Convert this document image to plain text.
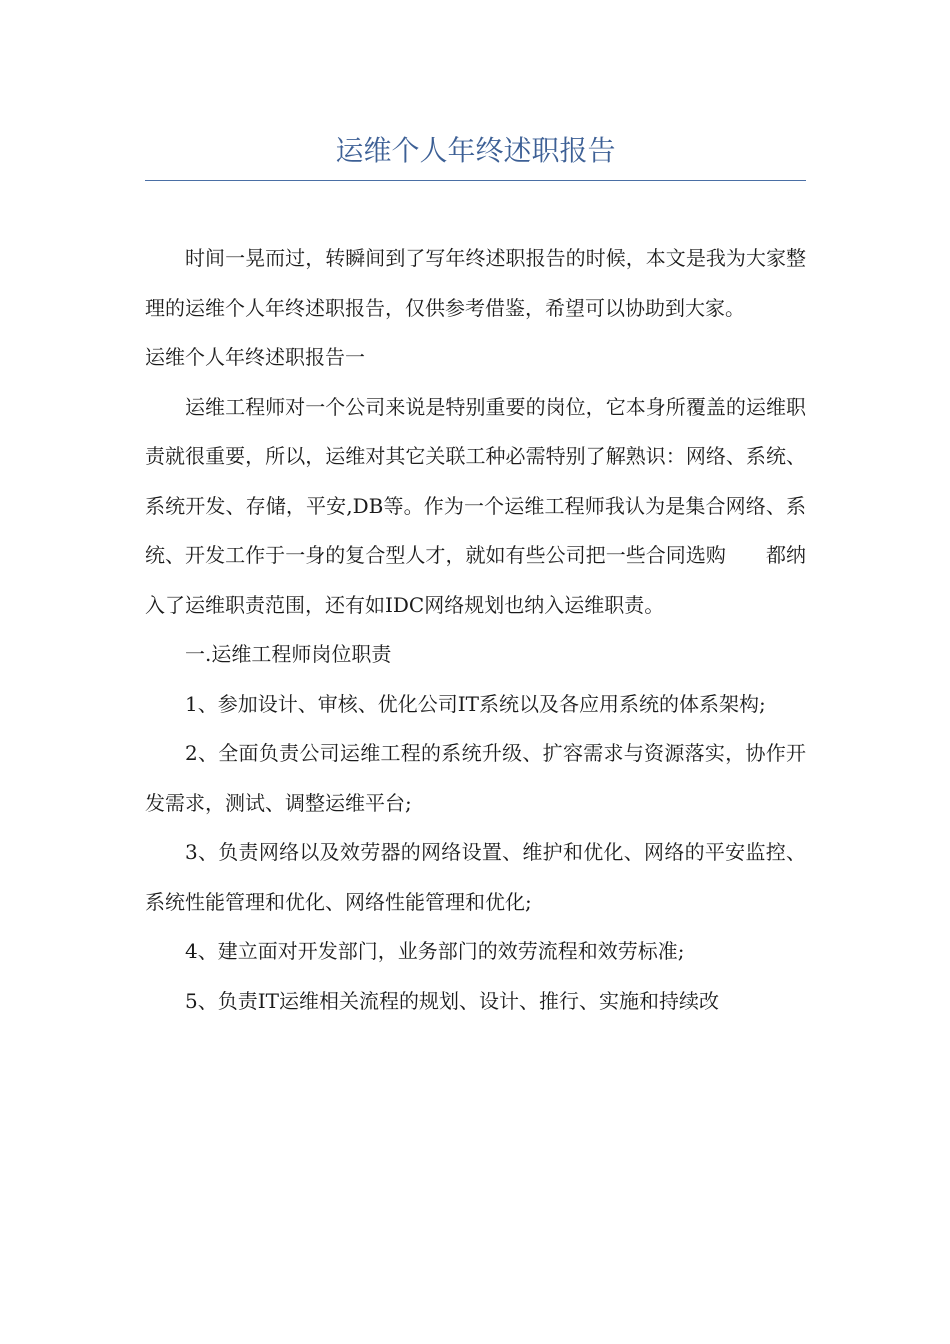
运维个人年终述职报告

时间一晃而过，转瞬间到了写年终述职报告的时候，本文是我为大家整理的运维个人年终述职报告，仅供参考借鉴，希望可以协助到大家。

运维个人年终述职报告一

运维工程师对一个公司来说是特别重要的岗位，它本身所覆盖的运维职责就很重要，所以，运维对其它关联工种必需特别了解熟识：网络、系统、系统开发、存储，平安,DB等。作为一个运维工程师我认为是集合网络、系统、开发工作于一身的复合型人才，就如有些公司把一些合同选购　　都纳入了运维职责范围，还有如IDC网络规划也纳入运维职责。

一.运维工程师岗位职责

1、参加设计、审核、优化公司IT系统以及各应用系统的体系架构;

2、全面负责公司运维工程的系统升级、扩容需求与资源落实，协作开发需求，测试、调整运维平台;

3、负责网络以及效劳器的网络设置、维护和优化、网络的平安监控、系统性能管理和优化、网络性能管理和优化;

4、建立面对开发部门，业务部门的效劳流程和效劳标准;

5、负责IT运维相关流程的规划、设计、推行、实施和持续改
